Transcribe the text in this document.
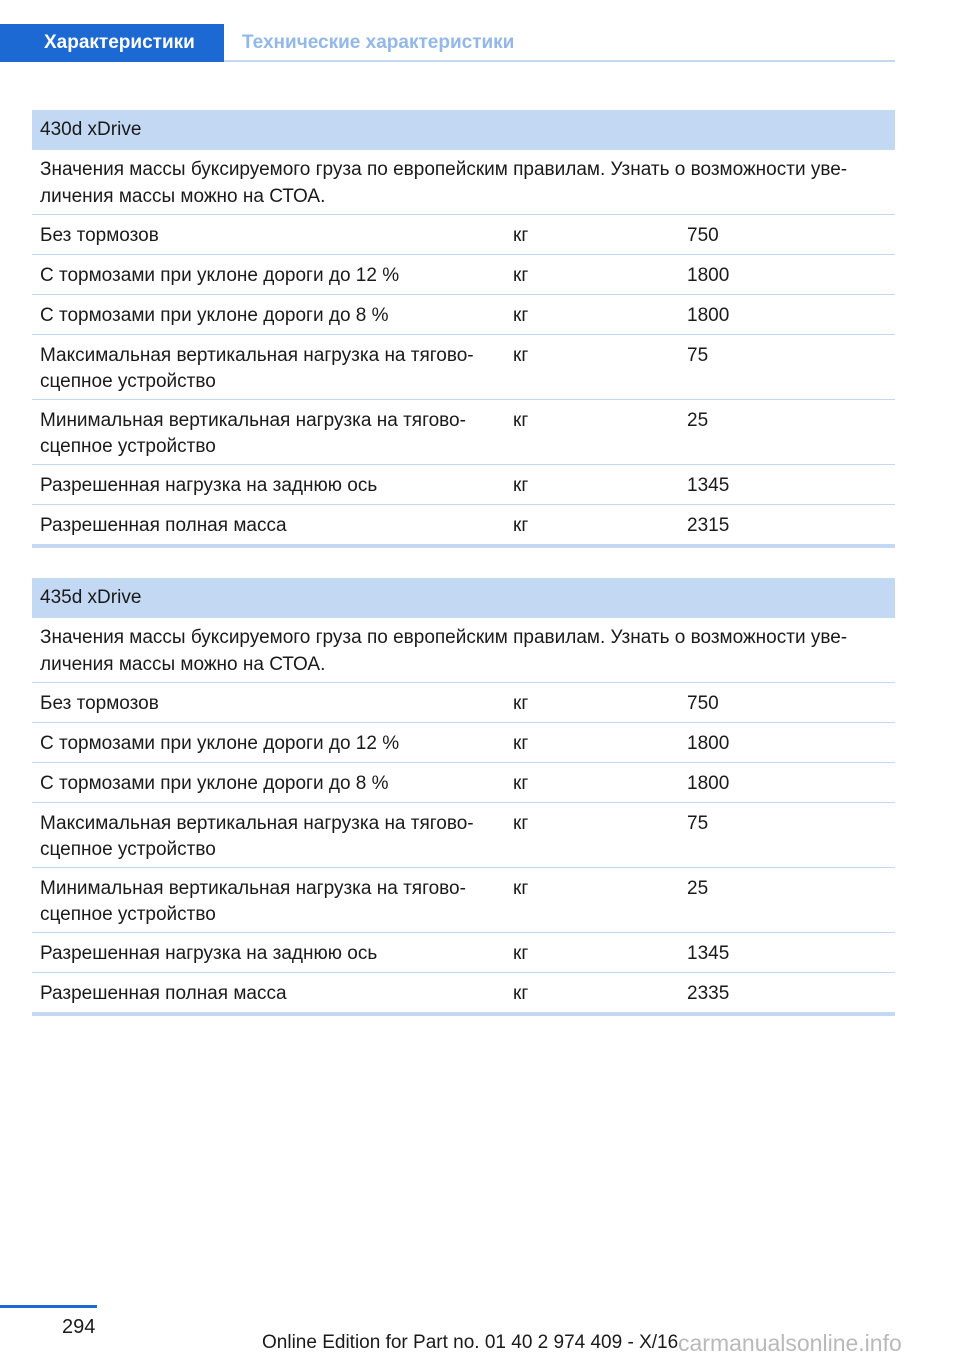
Характеристики	Технические характеристики
430d xDrive
Значения массы буксируемого груза по европейским правилам. Узнать о возможности уве-
личения массы можно на СТОА.
Без тормозов	кг	750
С тормозами при уклоне дороги до 12 %	кг	1800
С тормозами при уклоне дороги до 8 %	кг	1800
Максимальная вертикальная нагрузка на тягово-
сцепное устройство
кг	75
Минимальная вертикальная нагрузка на тягово-
сцепное устройство
кг	25
Разрешенная нагрузка на заднюю ось	кг	1345
Разрешенная полная масса	кг	2315
435d xDrive
Значения массы буксируемого груза по европейским правилам. Узнать о возможности уве-
личения массы можно на СТОА.
Без тормозов	кг	750
С тормозами при уклоне дороги до 12 %	кг	1800
С тормозами при уклоне дороги до 8 %	кг	1800
Максимальная вертикальная нагрузка на тягово-
сцепное устройство
кг	75
Минимальная вертикальная нагрузка на тягово-
сцепное устройство
кг	25
Разрешенная нагрузка на заднюю ось	кг	1345
Разрешенная полная масса	кг	2335
294
Online Edition for Part no. 01 40 2 974 409 - X/16 carmanualsonline.info
